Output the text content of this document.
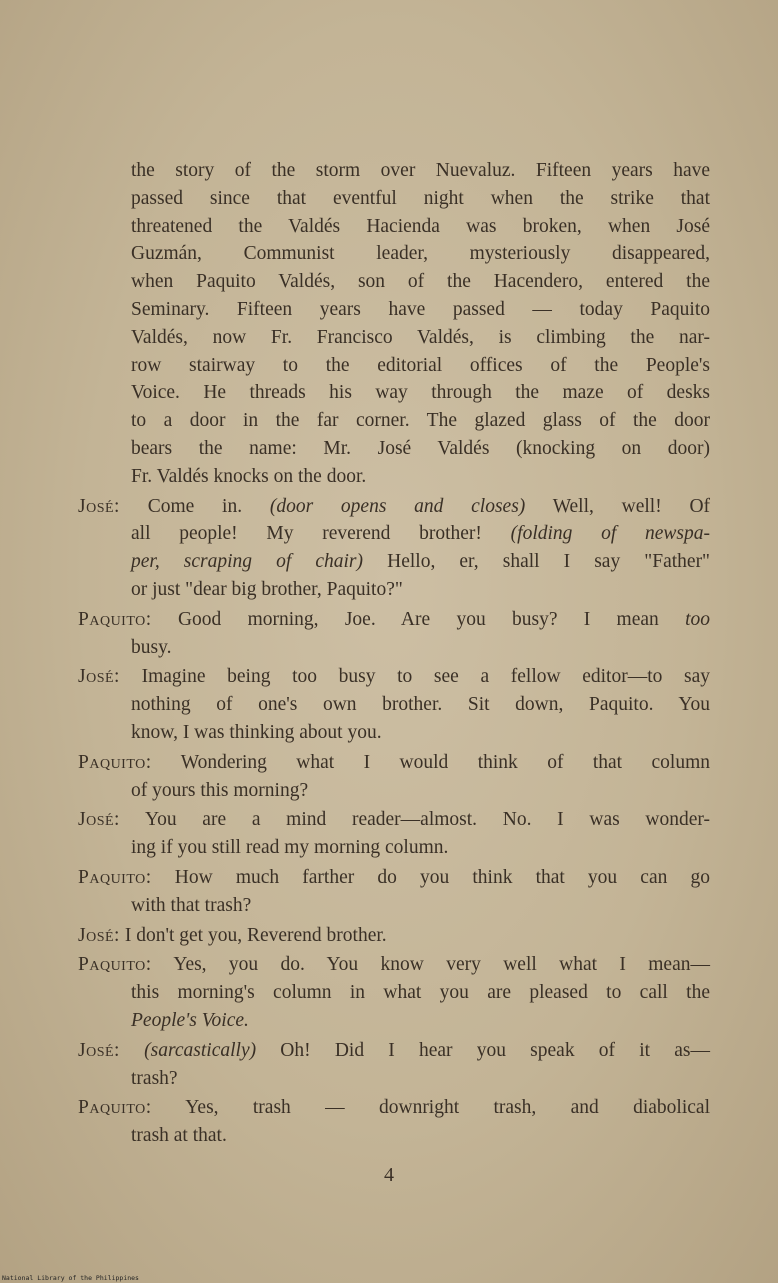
the story of the storm over Nuevaluz. Fifteen years have
passed since that eventful night when the strike that
threatened the Valdés Hacienda was broken, when José
Guzmán, Communist leader, mysteriously disappeared,
when Paquito Valdés, son of the Hacendero, entered the
Seminary. Fifteen years have passed — today Paquito
Valdés, now Fr. Francisco Valdés, is climbing the nar-
row stairway to the editorial offices of the People's
Voice. He threads his way through the maze of desks
to a door in the far corner. The glazed glass of the door
bears the name: Mr. José Valdés (knocking on door)
Fr. Valdés knocks on the door.
José: Come in. (door opens and closes) Well, well! Of
all people! My reverend brother! (folding of newspa-
per, scraping of chair) Hello, er, shall I say "Father"
or just "dear big brother, Paquito?"
Paquito: Good morning, Joe. Are you busy? I mean too
busy.
José: Imagine being too busy to see a fellow editor—to say
nothing of one's own brother. Sit down, Paquito. You
know, I was thinking about you.
Paquito: Wondering what I would think of that column
of yours this morning?
José: You are a mind reader—almost. No. I was wonder-
ing if you still read my morning column.
Paquito: How much farther do you think that you can go
with that trash?
José: I don't get you, Reverend brother.
Paquito: Yes, you do. You know very well what I mean—
this morning's column in what you are pleased to call the
People's Voice.
José: (sarcastically) Oh! Did I hear you speak of it as—
trash?
Paquito: Yes, trash — downright trash, and diabolical
trash at that.
4
National Library of the Philippines
